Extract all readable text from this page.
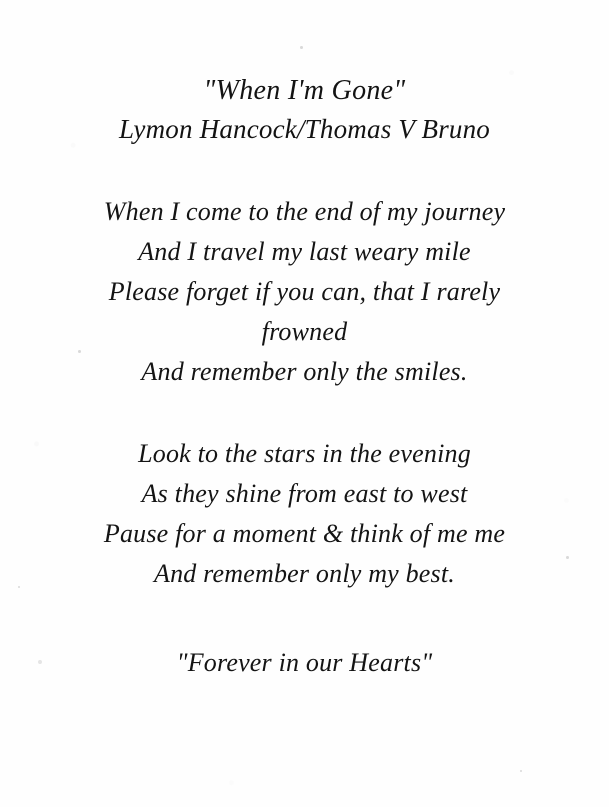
"When I'm Gone"
Lymon Hancock/Thomas V Bruno
When I come to the end of my journey
And I travel my last weary mile
Please forget if you can, that I rarely
frowned
And remember only the smiles.
Look to the stars in the evening
As they shine from east to west
Pause for a moment & think of me me
And remember only my best.
"Forever in our Hearts"
